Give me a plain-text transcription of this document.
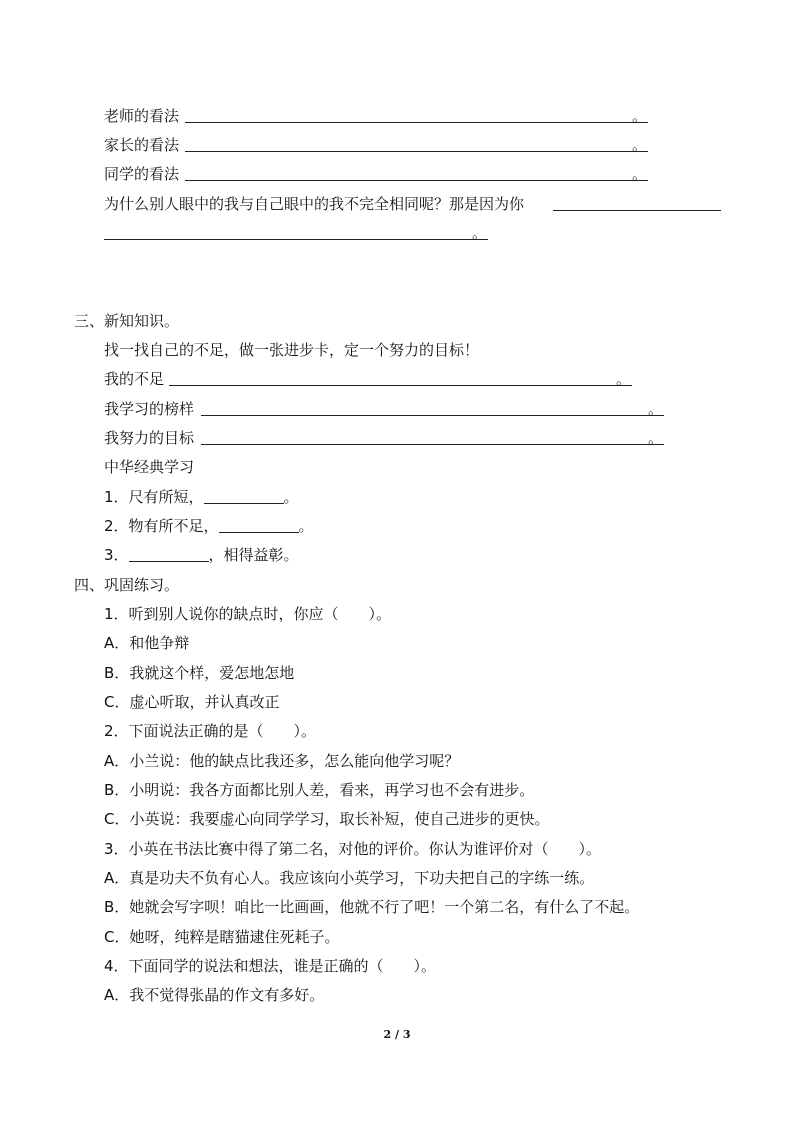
老师的看法	。
家长的看法	。
同学的看法	。
为什么别人眼中的我与自己眼中的我不完全相同呢？那是因为你
。
三、新知知识。
找一找自己的不足，做一张进步卡，定一个努力的目标！
我的不足	。
我学习的榜样	。
我努力的目标	。
中华经典学习
1．尺有所短，	。
2．物有所不足，	。
3．	，相得益彰。
四、巩固练习。
1．听到别人说你的缺点时，你应（　　）。
A．和他争辩
B．我就这个样，爱怎地怎地
C．虚心听取，并认真改正
2．下面说法正确的是（　　）。
A．小兰说：他的缺点比我还多，怎么能向他学习呢？
B．小明说：我各方面都比别人差，看来，再学习也不会有进步。
C．小英说：我要虚心向同学学习，取长补短，使自己进步的更快。
3．小英在书法比赛中得了第二名，对他的评价。你认为谁评价对（　　）。
A．真是功夫不负有心人。我应该向小英学习，下功夫把自己的字练一练。
B．她就会写字呗！咱比一比画画，他就不行了吧！一个第二名，有什么了不起。
C．她呀，纯粹是瞎猫逮住死耗子。
4．下面同学的说法和想法，谁是正确的（　　）。
A．我不觉得张晶的作文有多好。
2 / 3
